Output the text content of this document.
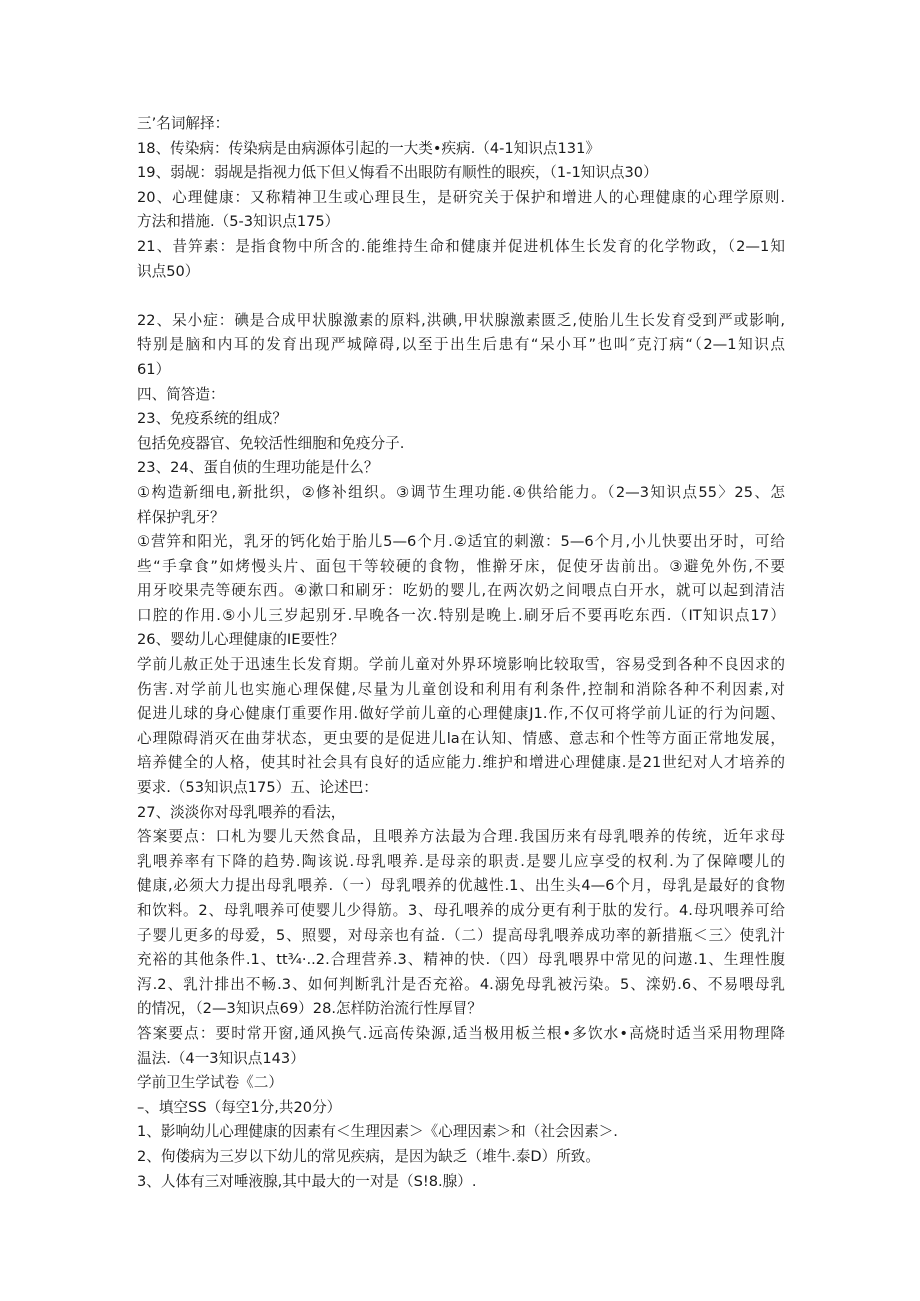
三’名词解择：
18、传染病：传染病是由病源体引起的一大类•疾病.（4-1知识点131》
19、弱觇：弱觇是指视力低下但乂悔看不出眼防有顺性的眼疾，（1-1知识点30）
20、心理健康：又称精神卫生或心理艮生，是研究关于保护和增进人的心理健康的心理学原则.
方法和措施.（5-3知识点175）
21、昔笄素：是指食物中所含的.能维持生命和健康并促进机体生长发育的化学物政，（2—1知
识点50）
22、呆小症：碘是合成甲状腺激素的原料,洪碘,甲状腺激素匮乏,使胎儿生长发育受到严或影响,
特别是脑和内耳的发育出现严城障碍,以至于出生后患有“呆小耳”也叫″克汀病“（2—1知识点
61）
四、简答造：
23、免疫系统的组成？
包括免疫器官、免较活性细胞和免疫分子.
23、24、蛋自侦的生理功能是什么？
①构造新细电,新批织，②修补组织。③调节生理功能.④供给能力。（2—3知识点55〉25、怎
样保护乳牙？
①营笄和阳光，乳牙的钙化始于胎儿5—6个月.②适宜的刺激：5—6个月,小儿快要出牙时，可给
些“手拿食”如烤慢头片、面包干等较硬的食物，惟擀牙床，促使牙齿前出。③避免外伤,不要
用牙咬果壳等硬东西。④漱口和刷牙：吃奶的婴儿,在两次奶之间喂点白开水，就可以起到清洁
口腔的作用.⑤小儿三岁起别牙.早晚各一次.特别是晚上.刷牙后不要再吃东西.（IT知识点17）
26、婴幼儿心理健康的IE要性？
学前儿赦正处于迅速生长发育期。学前儿童对外界环境影响比较取雪，容易受到各种不良因求的
伤害.对学前儿也实施心理保健,尽量为儿童创设和利用有利条件,控制和消除各种不利因素,对
促进儿球的身心健康仃重要作用.做好学前儿童的心理健康J1.作,不仅可将学前儿证的行为问题、
心理隙碍消灭在曲芽状态，更虫要的是促进儿la在认知、情感、意志和个性等方面正常地发展，
培养健全的人格，使其时社会具有良好的适应能力.维护和增进心理健康.是21世纪对人才培养的
要求.（53知识点175）五、论述巴：
27、淡淡你对母乳喂养的看法，
答案要点：口札为婴儿天然食品，且喂养方法最为合理.我国历来有母乳喂养的传统，近年求母
乳喂养率有下降的趋势.陶该说.母乳喂养.是母亲的职责.是婴儿应享受的权利.为了保障嘤儿的
健康,必须大力提出母乳喂养.（一）母乳喂养的优越性.1、出生头4—6个月，母乳是最好的食物
和饮料。2、母乳喂养可使婴儿少得筋。3、母孔喂养的成分更有利于肽的发行。4.母巩喂养可给
子婴儿更多的母爱，5、照婴，对母亲也有益.（二）提高母乳喂养成功率的新措瓶＜三〉使乳汁
充裕的其他条件.1、tt¾·..2.合理营养.3、精神的快.（四）母乳喂界中常见的问遨.1、生理性腹
泻.2、乳汁排出不畅.3、如何判断乳汁是否充裕。4.溺免母乳被污染。5、滦奶.6、不易喂母乳
的情况，（2—3知识点69）28.怎样防治流行性厚冒？
答案要点：要时常开窗,通风换气.远高传染源,适当极用板兰根•多饮水•高烧时适当采用物理降
温法.（4一3知识点143）
学前卫生学试卷《二）
–、填空SS（每空1分,共20分）
1、影响幼儿心理健康的因素有＜生理因素＞《心理因素＞和（社会因素＞.
2、佝偻病为三岁以下幼儿的常见疾病，是因为缺乏（堆牛.泰D）所致。
3、人体有三对唾液腺,其中最大的一对是（S!8.腺）.
